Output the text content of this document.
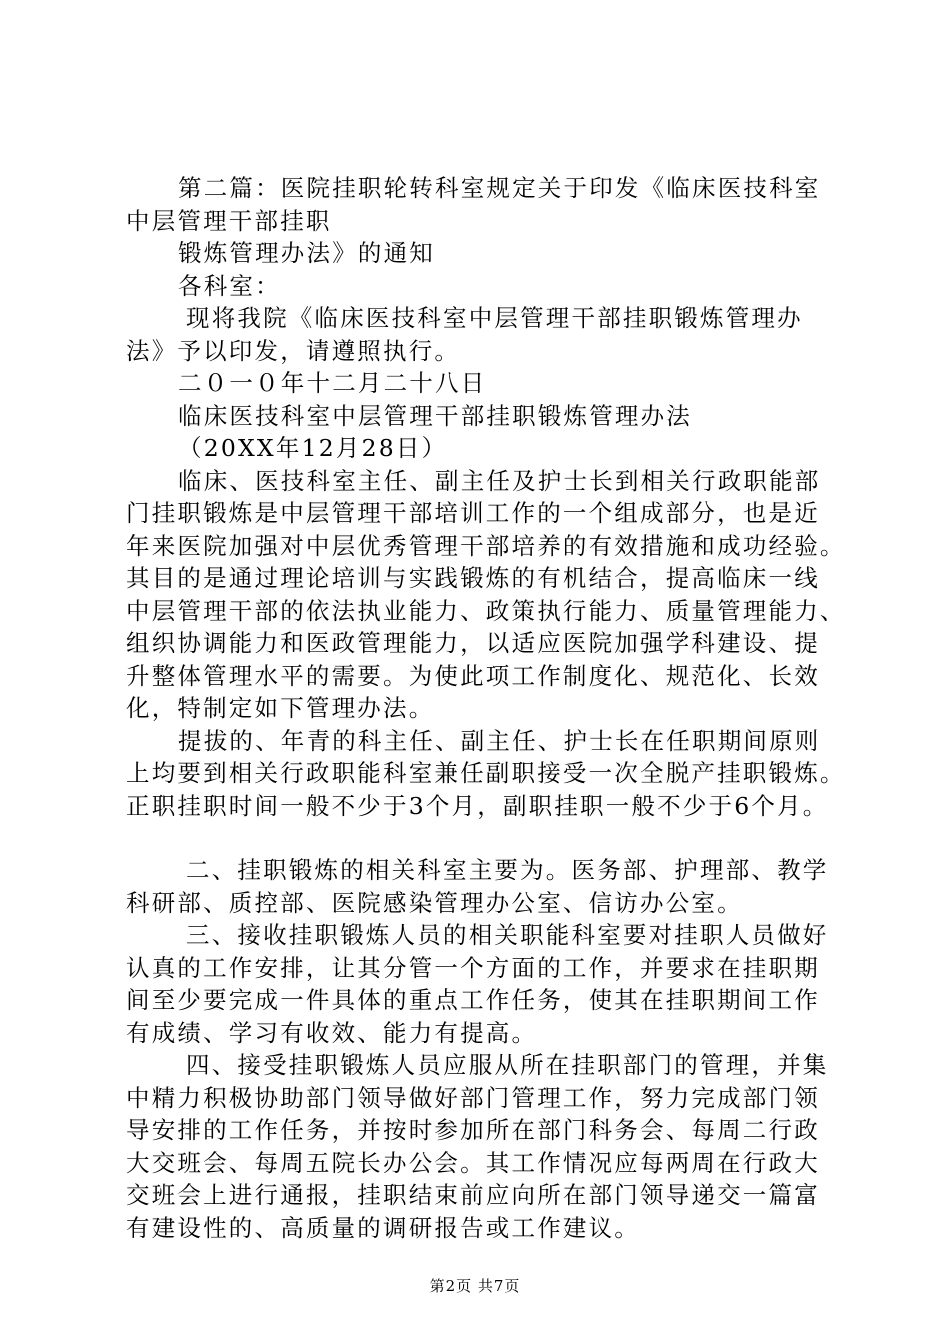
第二篇：医院挂职轮转科室规定关于印发《临床医技科室
中层管理干部挂职
锻炼管理办法》的通知
各科室：
现将我院《临床医技科室中层管理干部挂职锻炼管理办
法》予以印发，请遵照执行。
二０一０年十二月二十八日
临床医技科室中层管理干部挂职锻炼管理办法
（20XX年12月28日）
临床、医技科室主任、副主任及护士长到相关行政职能部
门挂职锻炼是中层管理干部培训工作的一个组成部分，也是近
年来医院加强对中层优秀管理干部培养的有效措施和成功经验。
其目的是通过理论培训与实践锻炼的有机结合，提高临床一线
中层管理干部的依法执业能力、政策执行能力、质量管理能力、
组织协调能力和医政管理能力，以适应医院加强学科建设、提
升整体管理水平的需要。为使此项工作制度化、规范化、长效
化，特制定如下管理办法。
提拔的、年青的科主任、副主任、护士长在任职期间原则
上均要到相关行政职能科室兼任副职接受一次全脱产挂职锻炼。
正职挂职时间一般不少于3个月，副职挂职一般不少于6个月。
二、挂职锻炼的相关科室主要为。医务部、护理部、教学
科研部、质控部、医院感染管理办公室、信访办公室。
三、接收挂职锻炼人员的相关职能科室要对挂职人员做好
认真的工作安排，让其分管一个方面的工作，并要求在挂职期
间至少要完成一件具体的重点工作任务，使其在挂职期间工作
有成绩、学习有收效、能力有提高。
四、接受挂职锻炼人员应服从所在挂职部门的管理，并集
中精力积极协助部门领导做好部门管理工作，努力完成部门领
导安排的工作任务，并按时参加所在部门科务会、每周二行政
大交班会、每周五院长办公会。其工作情况应每两周在行政大
交班会上进行通报，挂职结束前应向所在部门领导递交一篇富
有建设性的、高质量的调研报告或工作建议。
第2页 共7页
